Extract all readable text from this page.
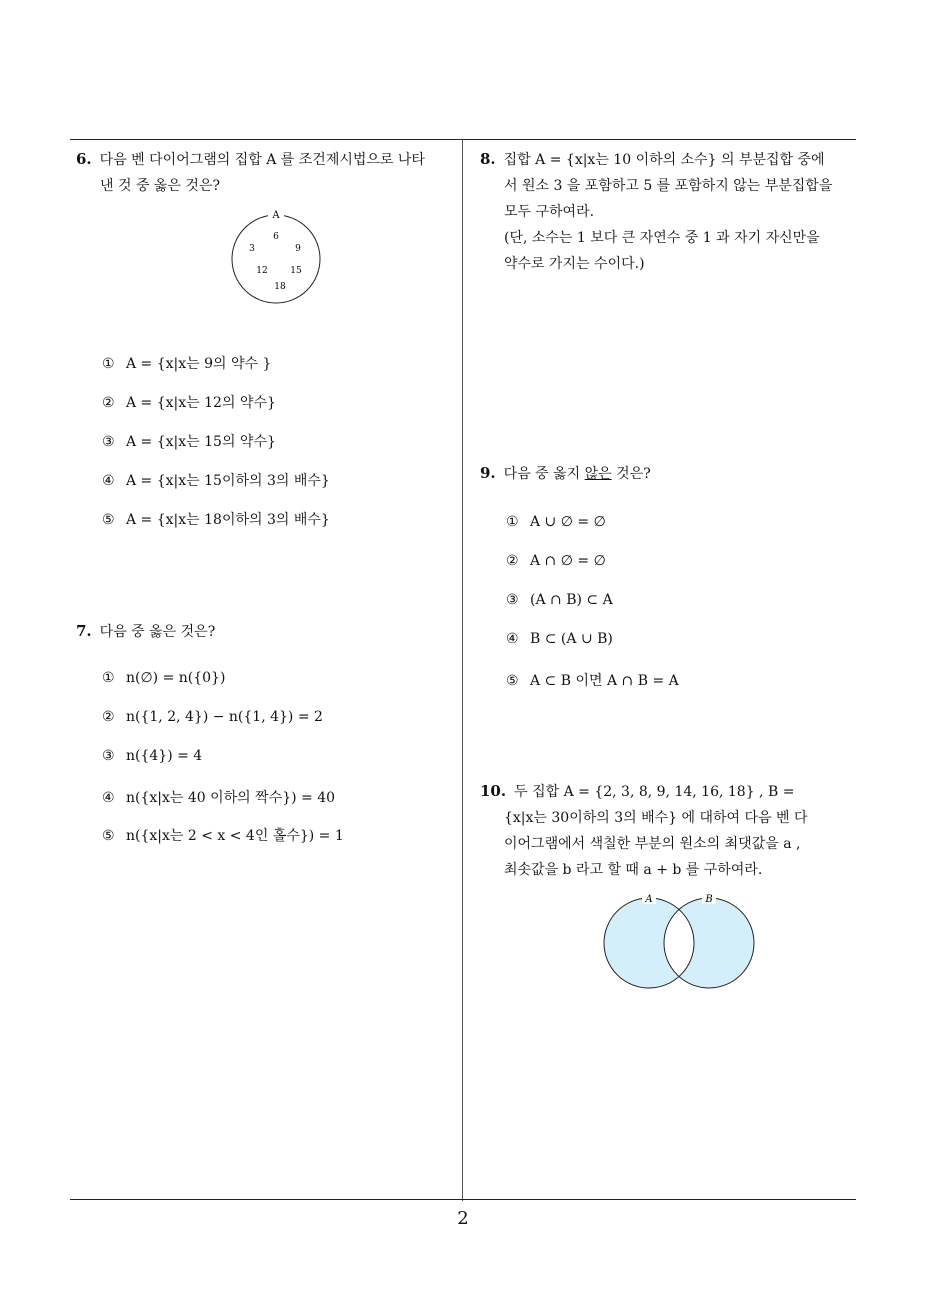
6. 다음 벤 다이어그램의 집합 A 를 조건제시법으로 나타
낸 것 중 옳은 것은?
A
6
3	9
12	15
18
① A = {x|x는 9의 약수 }
② A = {x|x는 12의 약수}
③ A = {x|x는 15의 약수}
④ A = {x|x는 15이하의 3의 배수}
⑤ A = {x|x는 18이하의 3의 배수}
7. 다음 중 옳은 것은?
① n(∅) = n({0})
② n({1, 2, 4}) − n({1, 4}) = 2
③ n({4}) = 4
④ n({x|x는 40 이하의 짝수}) = 40
⑤ n({x|x는 2 < x < 4인 홀수}) = 1
8. 집합 A = {x|x는 10 이하의 소수} 의 부분집합 중에
서 원소 3 을 포함하고 5 를 포함하지 않는 부분집합을
모두 구하여라.
(단, 소수는 1 보다 큰 자연수 중 1 과 자기 자신만을
약수로 가지는 수이다.)
9. 다음 중 옳지 않은 것은?
① A ∪ ∅ = ∅
② A ∩ ∅ = ∅
③ (A ∩ B) ⊂ A
④ B ⊂ (A ∪ B)
⑤ A ⊂ B 이면 A ∩ B = A
10. 두 집합 A = {2, 3, 8, 9, 14, 16, 18} , B =
{x|x는 30이하의 3의 배수} 에 대하여 다음 벤 다
이어그램에서 색칠한 부분의 원소의 최댓값을 a ,
최솟값을 b 라고 할 때 a + b 를 구하여라.
A	B
2
